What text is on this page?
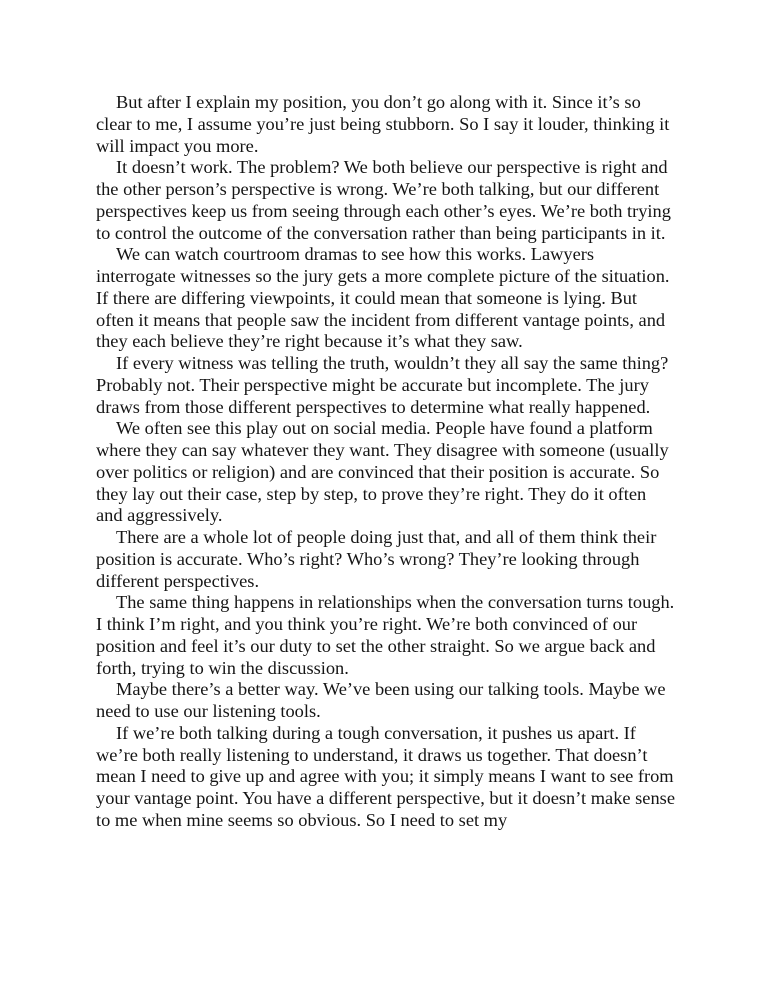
But after I explain my position, you don’t go along with it. Since it’s so clear to me, I assume you’re just being stubborn. So I say it louder, thinking it will impact you more.

It doesn’t work. The problem? We both believe our perspective is right and the other person’s perspective is wrong. We’re both talking, but our different perspectives keep us from seeing through each other’s eyes. We’re both trying to control the outcome of the conversation rather than being participants in it.

We can watch courtroom dramas to see how this works. Lawyers interrogate witnesses so the jury gets a more complete picture of the situation. If there are differing viewpoints, it could mean that someone is lying. But often it means that people saw the incident from different vantage points, and they each believe they’re right because it’s what they saw.

If every witness was telling the truth, wouldn’t they all say the same thing? Probably not. Their perspective might be accurate but incomplete. The jury draws from those different perspectives to determine what really happened.

We often see this play out on social media. People have found a platform where they can say whatever they want. They disagree with someone (usually over politics or religion) and are convinced that their position is accurate. So they lay out their case, step by step, to prove they’re right. They do it often and aggressively.

There are a whole lot of people doing just that, and all of them think their position is accurate. Who’s right? Who’s wrong? They’re looking through different perspectives.

The same thing happens in relationships when the conversation turns tough. I think I’m right, and you think you’re right. We’re both convinced of our position and feel it’s our duty to set the other straight. So we argue back and forth, trying to win the discussion.

Maybe there’s a better way. We’ve been using our talking tools. Maybe we need to use our listening tools.

If we’re both talking during a tough conversation, it pushes us apart. If we’re both really listening to understand, it draws us together. That doesn’t mean I need to give up and agree with you; it simply means I want to see from your vantage point. You have a different perspective, but it doesn’t make sense to me when mine seems so obvious. So I need to set my
